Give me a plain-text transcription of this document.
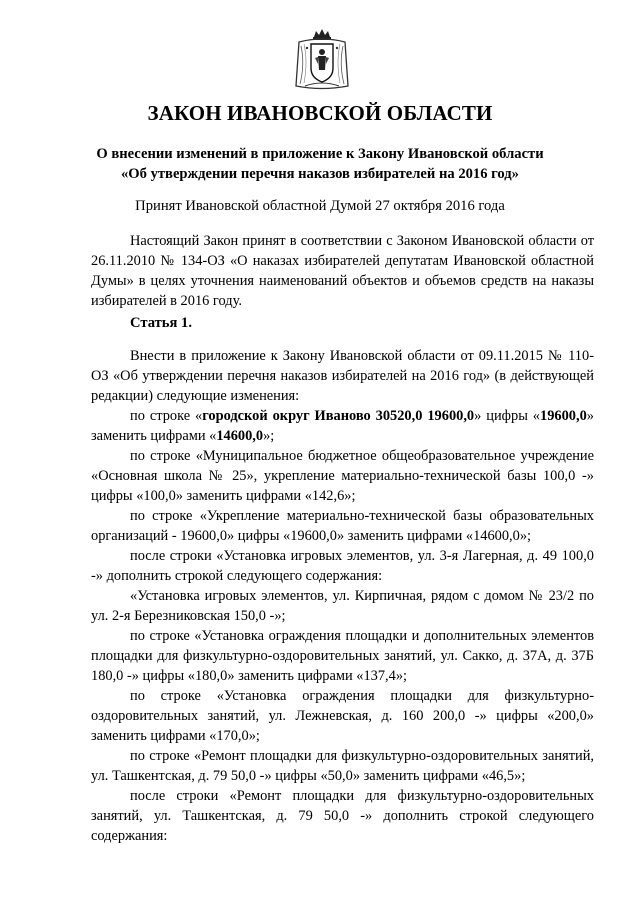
ЗАКОН ИВАНОВСКОЙ ОБЛАСТИ
О внесении изменений в приложение к Закону Ивановской области
«Об утверждении перечня наказов избирателей на 2016 год»
Принят Ивановской областной Думой 27 октября 2016 года

Настоящий Закон принят в соответствии с Законом Ивановской области от 26.11.2010 № 134-ОЗ «О наказах избирателей депутатам Ивановской областной Думы» в целях уточнения наименований объектов и объемов средств на наказы избирателей в 2016 году.

Статья 1.

Внести в приложение к Закону Ивановской области от 09.11.2015 № 110-ОЗ «Об утверждении перечня наказов избирателей на 2016 год» (в действующей редакции) следующие изменения:

по строке «городской округ Иваново 30520,0 19600,0» цифры «19600,0» заменить цифрами «14600,0»;

по строке «Муниципальное бюджетное общеобразовательное учреждение «Основная школа № 25», укрепление материально-технической базы 100,0 -» цифры «100,0» заменить цифрами «142,6»;

по строке «Укрепление материально-технической базы образовательных организаций - 19600,0» цифры «19600,0» заменить цифрами «14600,0»;

после строки «Установка игровых элементов, ул. 3-я Лагерная, д. 49 100,0 -» дополнить строкой следующего содержания:

«Установка игровых элементов, ул. Кирпичная, рядом с домом № 23/2 по ул. 2-я Березниковская 150,0 -»;

по строке «Установка ограждения площадки и дополнительных элементов площадки для физкультурно-оздоровительных занятий, ул. Сакко, д. 37А, д. 37Б 180,0 -» цифры «180,0» заменить цифрами «137,4»;

по строке «Установка ограждения площадки для физкультурно-оздоровительных занятий, ул. Лежневская, д. 160 200,0 -» цифры «200,0» заменить цифрами «170,0»;

по строке «Ремонт площадки для физкультурно-оздоровительных занятий, ул. Ташкентская, д. 79 50,0 -» цифры «50,0» заменить цифрами «46,5»;

после строки «Ремонт площадки для физкультурно-оздоровительных занятий, ул. Ташкентская, д. 79 50,0 -» дополнить строкой следующего содержания:
